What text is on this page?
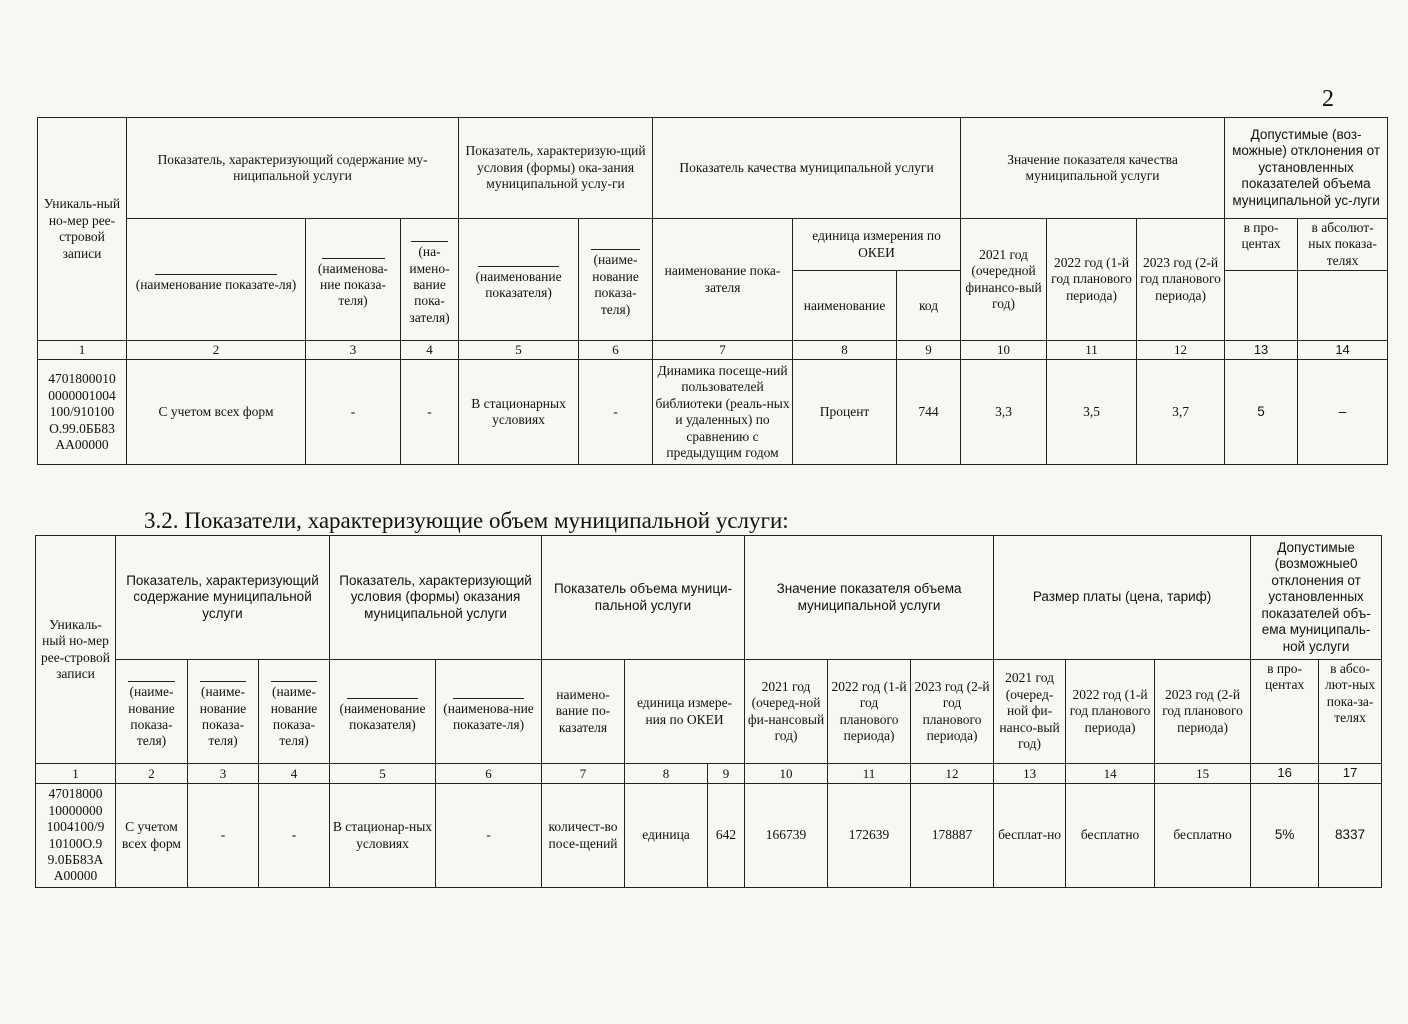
2
Уникаль-ный но-мер рее-стровой записи	Показатель, характеризующий содержание му-ниципальной услуги			Показатель, характеризую-щий условия (формы) ока-зания муниципальной услу-ги		Показатель качества муниципальной услуги			Значение показателя качества муниципальной услуги			Допустимые (воз-можные) отклонения от установленных показателей объема муниципальной ус-луги	

(наименование показате-ля)	(наименова-ние показа-теля)	(на-имено-вание пока-зателя)	(наименование показателя)	(наиме-нование показа-теля)	наименование пока-зателя	единица измерения по ОКЕИ		2021 год (очередной финансо-вый год)	2022 год (1-й год планового периода)	2023 год (2-й год планового периода)	в про-центах	в абсолют-ных показа-телях
							наименование	код					
1	2	3	4	5	6	7	8	9	10	11	12	13	14
4701800010 0000001004 100/910100 О.99.0ББ83 АА00000	С учетом всех форм	-	-	В стационарных условиях	-	Динамика посеще-ний пользователей библиотеки (реаль-ных и удаленных) по сравнению с предыдущим годом	Процент	744	3,3	3,5	3,7	5	–
3.2. Показатели, характеризующие объем муниципальной услуги:
Уникаль-ный но-мер рее-стровой записи	Показатель, характеризующий содержание муниципальной услуги			Показатель, характеризующий условия (формы) оказания муниципальной услуги		Показатель объема муници-пальной услуги			Значение показателя объема муниципальной услуги			Размер платы (цена, тариф)			Допустимые (возможные0 отклонения от установленных показателей объ-ема муниципаль-ной услуги	

(наиме-нование показа-теля)	(наиме-нование показа-теля)	(наиме-нование показа-теля)	(наименование показателя)	(наименова-ние показате-ля)	наимено-вание по-казателя	единица измере-ния по ОКЕИ		2021 год (очеред-ной фи-нансовый год)	2022 год (1-й год планового периода)	2023 год (2-й год планового периода)	2021 год (очеред-ной фи-нансо-вый год)	2022 год (1-й год планового периода)	2023 год (2-й год планового периода)	в про-центах	в абсо-лют-ных пока-за-телях
1	2	3	4	5	6	7	8	9	10	11	12	13	14	15	16	17
47018000 10000000 1004100/9 10100О.9 9.0ББ83А А00000	С учетом всех форм	-	-	В стационар-ных условиях	-	количест-во посе-щений	единица	642	166739	172639	178887	бесплат-но	бесплатно	бесплатно	5%	8337
